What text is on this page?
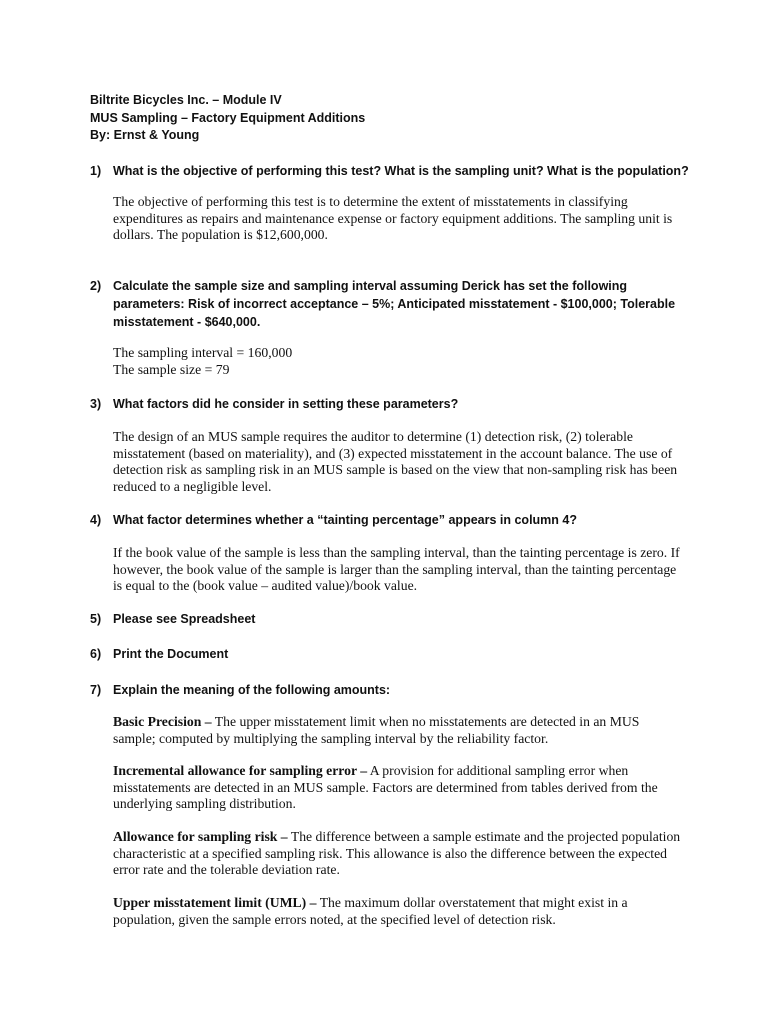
Biltrite Bicycles Inc. – Module IV
MUS Sampling – Factory Equipment Additions
By: Ernst & Young
1) What is the objective of performing this test? What is the sampling unit? What is the population?

The objective of performing this test is to determine the extent of misstatements in classifying expenditures as repairs and maintenance expense or factory equipment additions. The sampling unit is dollars. The population is $12,600,000.

2) Calculate the sample size and sampling interval assuming Derick has set the following parameters: Risk of incorrect acceptance – 5%; Anticipated misstatement - $100,000; Tolerable misstatement - $640,000.

The sampling interval = 160,000

The sample size = 79

3) What factors did he consider in setting these parameters?

The design of an MUS sample requires the auditor to determine (1) detection risk, (2) tolerable misstatement (based on materiality), and (3) expected misstatement in the account balance. The use of detection risk as sampling risk in an MUS sample is based on the view that non-sampling risk has been reduced to a negligible level.

4) What factor determines whether a “tainting percentage” appears in column 4?

If the book value of the sample is less than the sampling interval, than the tainting percentage is zero. If however, the book value of the sample is larger than the sampling interval, than the tainting percentage is equal to the (book value – audited value)/book value.

5) Please see Spreadsheet
6) Print the Document
7) Explain the meaning of the following amounts:
Basic Precision – The upper misstatement limit when no misstatements are detected in an MUS sample; computed by multiplying the sampling interval by the reliability factor.
Incremental allowance for sampling error – A provision for additional sampling error when misstatements are detected in an MUS sample. Factors are determined from tables derived from the underlying sampling distribution.
Allowance for sampling risk – The difference between a sample estimate and the projected population characteristic at a specified sampling risk. This allowance is also the difference between the expected error rate and the tolerable deviation rate.
Upper misstatement limit (UML) – The maximum dollar overstatement that might exist in a population, given the sample errors noted, at the specified level of detection risk.
